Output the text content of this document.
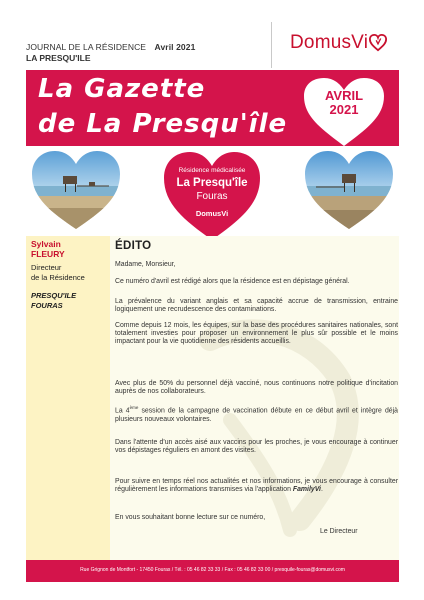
JOURNAL DE LA RÉSIDENCE Avril 2021
LA PRESQU'ILE
DomusVi
La Gazette
de La Presqu'île
AVRIL
2021
Résidence médicalisée
La Presqu'île
Fouras
DomusVi
Sylvain
FLEURY
Directeur
de la Résidence
PRESQU'ILE
FOURAS
ÉDITO
Madame, Monsieur,
Ce numéro d'avril est rédigé alors que la résidence est en dépistage général.
La prévalence du variant anglais et sa capacité accrue de transmission, entraine logiquement une recrudescence des contaminations.
Comme depuis 12 mois, les équipes, sur la base des procédures sanitaires nationales, sont totalement investies pour proposer un environnement le plus sûr possible et le moins impactant pour la vie quotidienne des résidents accueillis.
Avec plus de 50% du personnel déjà vacciné, nous continuons notre politique d'incitation auprès de nos collaborateurs.
La 4ème session de la campagne de vaccination débute en ce début avril et intègre déjà plusieurs nouveaux volontaires.
Dans l'attente d'un accès aisé aux vaccins pour les proches, je vous encourage à continuer vos dépistages réguliers en amont des visites.
Pour suivre en temps réel nos actualités et nos informations, je vous encourage à consulter régulièrement les informations transmises via l'application FamilyVi.
En vous souhaitant bonne lecture sur ce numéro,
Le Directeur
Rue Grignon de Montfort - 17450 Fouras / Tél. : 05 46 82 33 33 / Fax : 05 46 82 33 00 / presquile-fouras@domusvi.com
